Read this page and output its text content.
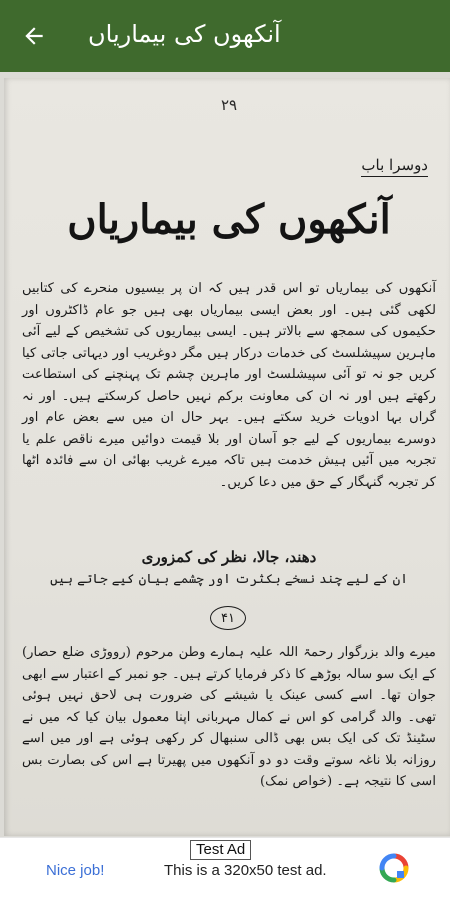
آنکھوں کی بیماریاں
۲۹
دوسرا باب
آنکھوں کی بیماریاں

آنکھوں کی بیماریاں تو اس قدر ہیں کہ ان پر بیسیوں منحرے کی کتابیں لکھی گئی ہیں۔ اور بعض ایسی بیماریاں بھی ہیں جو عام ڈاکٹروں اور حکیموں کی سمجھ سے بالاتر ہیں۔ ایسی بیماریوں کی تشخیص کے لیے آئی ماہرین سپیشلسٹ کی خدمات درکار ہیں مگر دوغریب اور دیہاتی جاتی کیا کریں جو نہ تو آئی سپیشلسٹ اور ماہرین چشم تک پہنچنے کی استطاعت رکھتے ہیں اور نہ ان کی معاونت برکم نہیں حاصل کرسکتے ہیں۔ اور نہ گراں بہا ادویات خرید سکتے ہیں۔ بہر حال ان میں سے بعض عام اور دوسرے بیماریوں کے لیے جو آسان اور بلا قیمت دوائیں میرے ناقص علم یا تجربہ میں آئیں ہیش خدمت ہیں تاکہ میرے غریب بھائی ان سے فائدہ اٹھا کر تجربہ گنہگار کے حق میں دعا کریں۔

دھند، جالا، نظر کی کمزوری
ان کے لیے چند نسخے بکثرت اور چشمے بیان کیے جاتے ہیں
۴۱

میرے والد بزرگوار رحمۃ اللہ علیہ ہمارے وطن مرحوم (رووڑی ضلع حصار) کے ایک سو سالہ بوڑھے کا ذکر فرمایا کرتے ہیں۔ جو نمبر کے اعتبار سے ابھی جوان تھا۔ اسے کسی عینک یا شیشے کی ضرورت ہی لاحق نہیں ہوئی تھی۔ والد گرامی کو اس نے کمال مہربانی اپنا معمول بیان کیا کہ میں نے سٹینڈ تک کی ایک بس بھی ڈالی سنبھال کر رکھی ہوئی ہے اور میں اسے روزانہ بلا ناغہ سوتے وقت دو دو آنکھوں میں پھیرتا ہے اس کی بصارت بس اسی کا نتیجہ ہے۔ (خواص نمک)

Test Ad
Nice job!	This is a 320x50 test ad.
